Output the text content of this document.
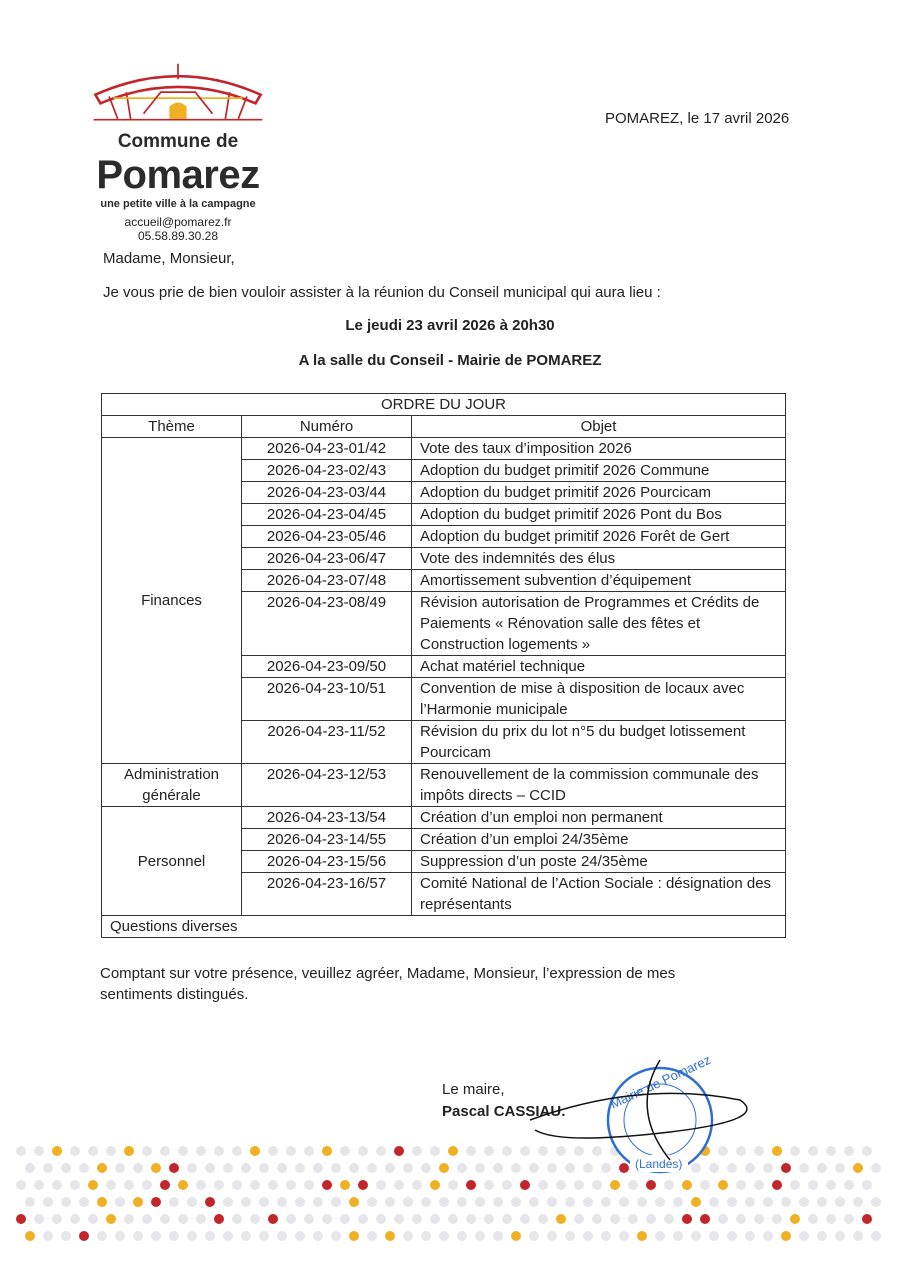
Commune de
Pomarez
une petite ville à la campagne
accueil@pomarez.fr
05.58.89.30.28
POMAREZ, le 17 avril 2026
Madame, Monsieur,
Je vous prie de bien vouloir assister à la réunion du Conseil municipal qui aura lieu :
Le jeudi 23 avril 2026 à 20h30
A la salle du Conseil - Mairie de POMAREZ
ORDRE DU JOUR		
Thème	Numéro	Objet
Finances	2026-04-23-01/42	Vote des taux d’imposition 2026
	2026-04-23-02/43	Adoption du budget primitif 2026 Commune
	2026-04-23-03/44	Adoption du budget primitif 2026 Pourcicam
	2026-04-23-04/45	Adoption du budget primitif 2026 Pont du Bos
	2026-04-23-05/46	Adoption du budget primitif 2026 Forêt de Gert
	2026-04-23-06/47	Vote des indemnités des élus
	2026-04-23-07/48	Amortissement subvention d’équipement
	2026-04-23-08/49	Révision autorisation de Programmes et Crédits de Paiements « Rénovation salle des fêtes et Construction logements »
	2026-04-23-09/50	Achat matériel technique
	2026-04-23-10/51	Convention de mise à disposition de locaux avec l’Harmonie municipale
	2026-04-23-11/52	Révision du prix du lot n°5 du budget lotissement Pourcicam
Administration générale	2026-04-23-12/53	Renouvellement de la commission communale des impôts directs – CCID
Personnel	2026-04-23-13/54	Création d’un emploi non permanent
	2026-04-23-14/55	Création d’un emploi 24/35ème
	2026-04-23-15/56	Suppression d’un poste 24/35ème
	2026-04-23-16/57	Comité National de l’Action Sociale : désignation des représentants
Questions diverses		
Comptant sur votre présence, veuillez agréer, Madame, Monsieur, l’expression de mes sentiments distingués.
Le maire,
Pascal CASSIAU.	Mairie de Pomarez
(Landes)
